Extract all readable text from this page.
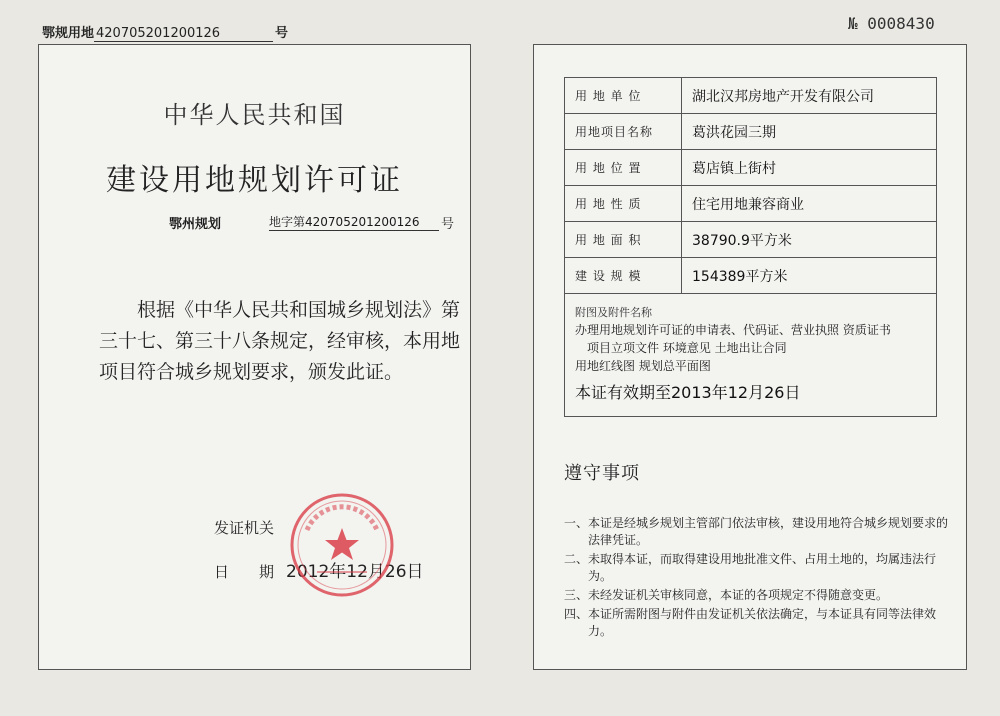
鄂规用地 420705201200126	号
№ 0008430
中华人民共和国
建设用地规划许可证
鄂州规划	地字第420705201200126	号
根据《中华人民共和国城乡规划法》第
三十七、第三十八条规定，经审核，本用地
项目符合城乡规划要求，颁发此证。
发证机关
日　　期 2012年12月26日
用 地 单 位	湖北汉邦房地产开发有限公司
用地项目名称	葛洪花园三期
用 地 位 置	葛店镇上街村
用 地 性 质	住宅用地兼容商业
用 地 面 积	38790.9平方米
建 设 规 模	154389平方米

附图及附件名称
办理用地规划许可证的申请表、代码证、营业执照 资质证书
项目立项文件 环境意见 土地出让合同
用地红线图 规划总平面图
本证有效期至2013年12月26日	
遵守事项
一、 本证是经城乡规划主管部门依法审核，建设用地符合城乡规划要求的法律凭证。
二、 未取得本证，而取得建设用地批准文件、占用土地的，均属违法行为。
三、 未经发证机关审核同意，本证的各项规定不得随意变更。
四、 本证所需附图与附件由发证机关依法确定，与本证具有同等法律效力。
